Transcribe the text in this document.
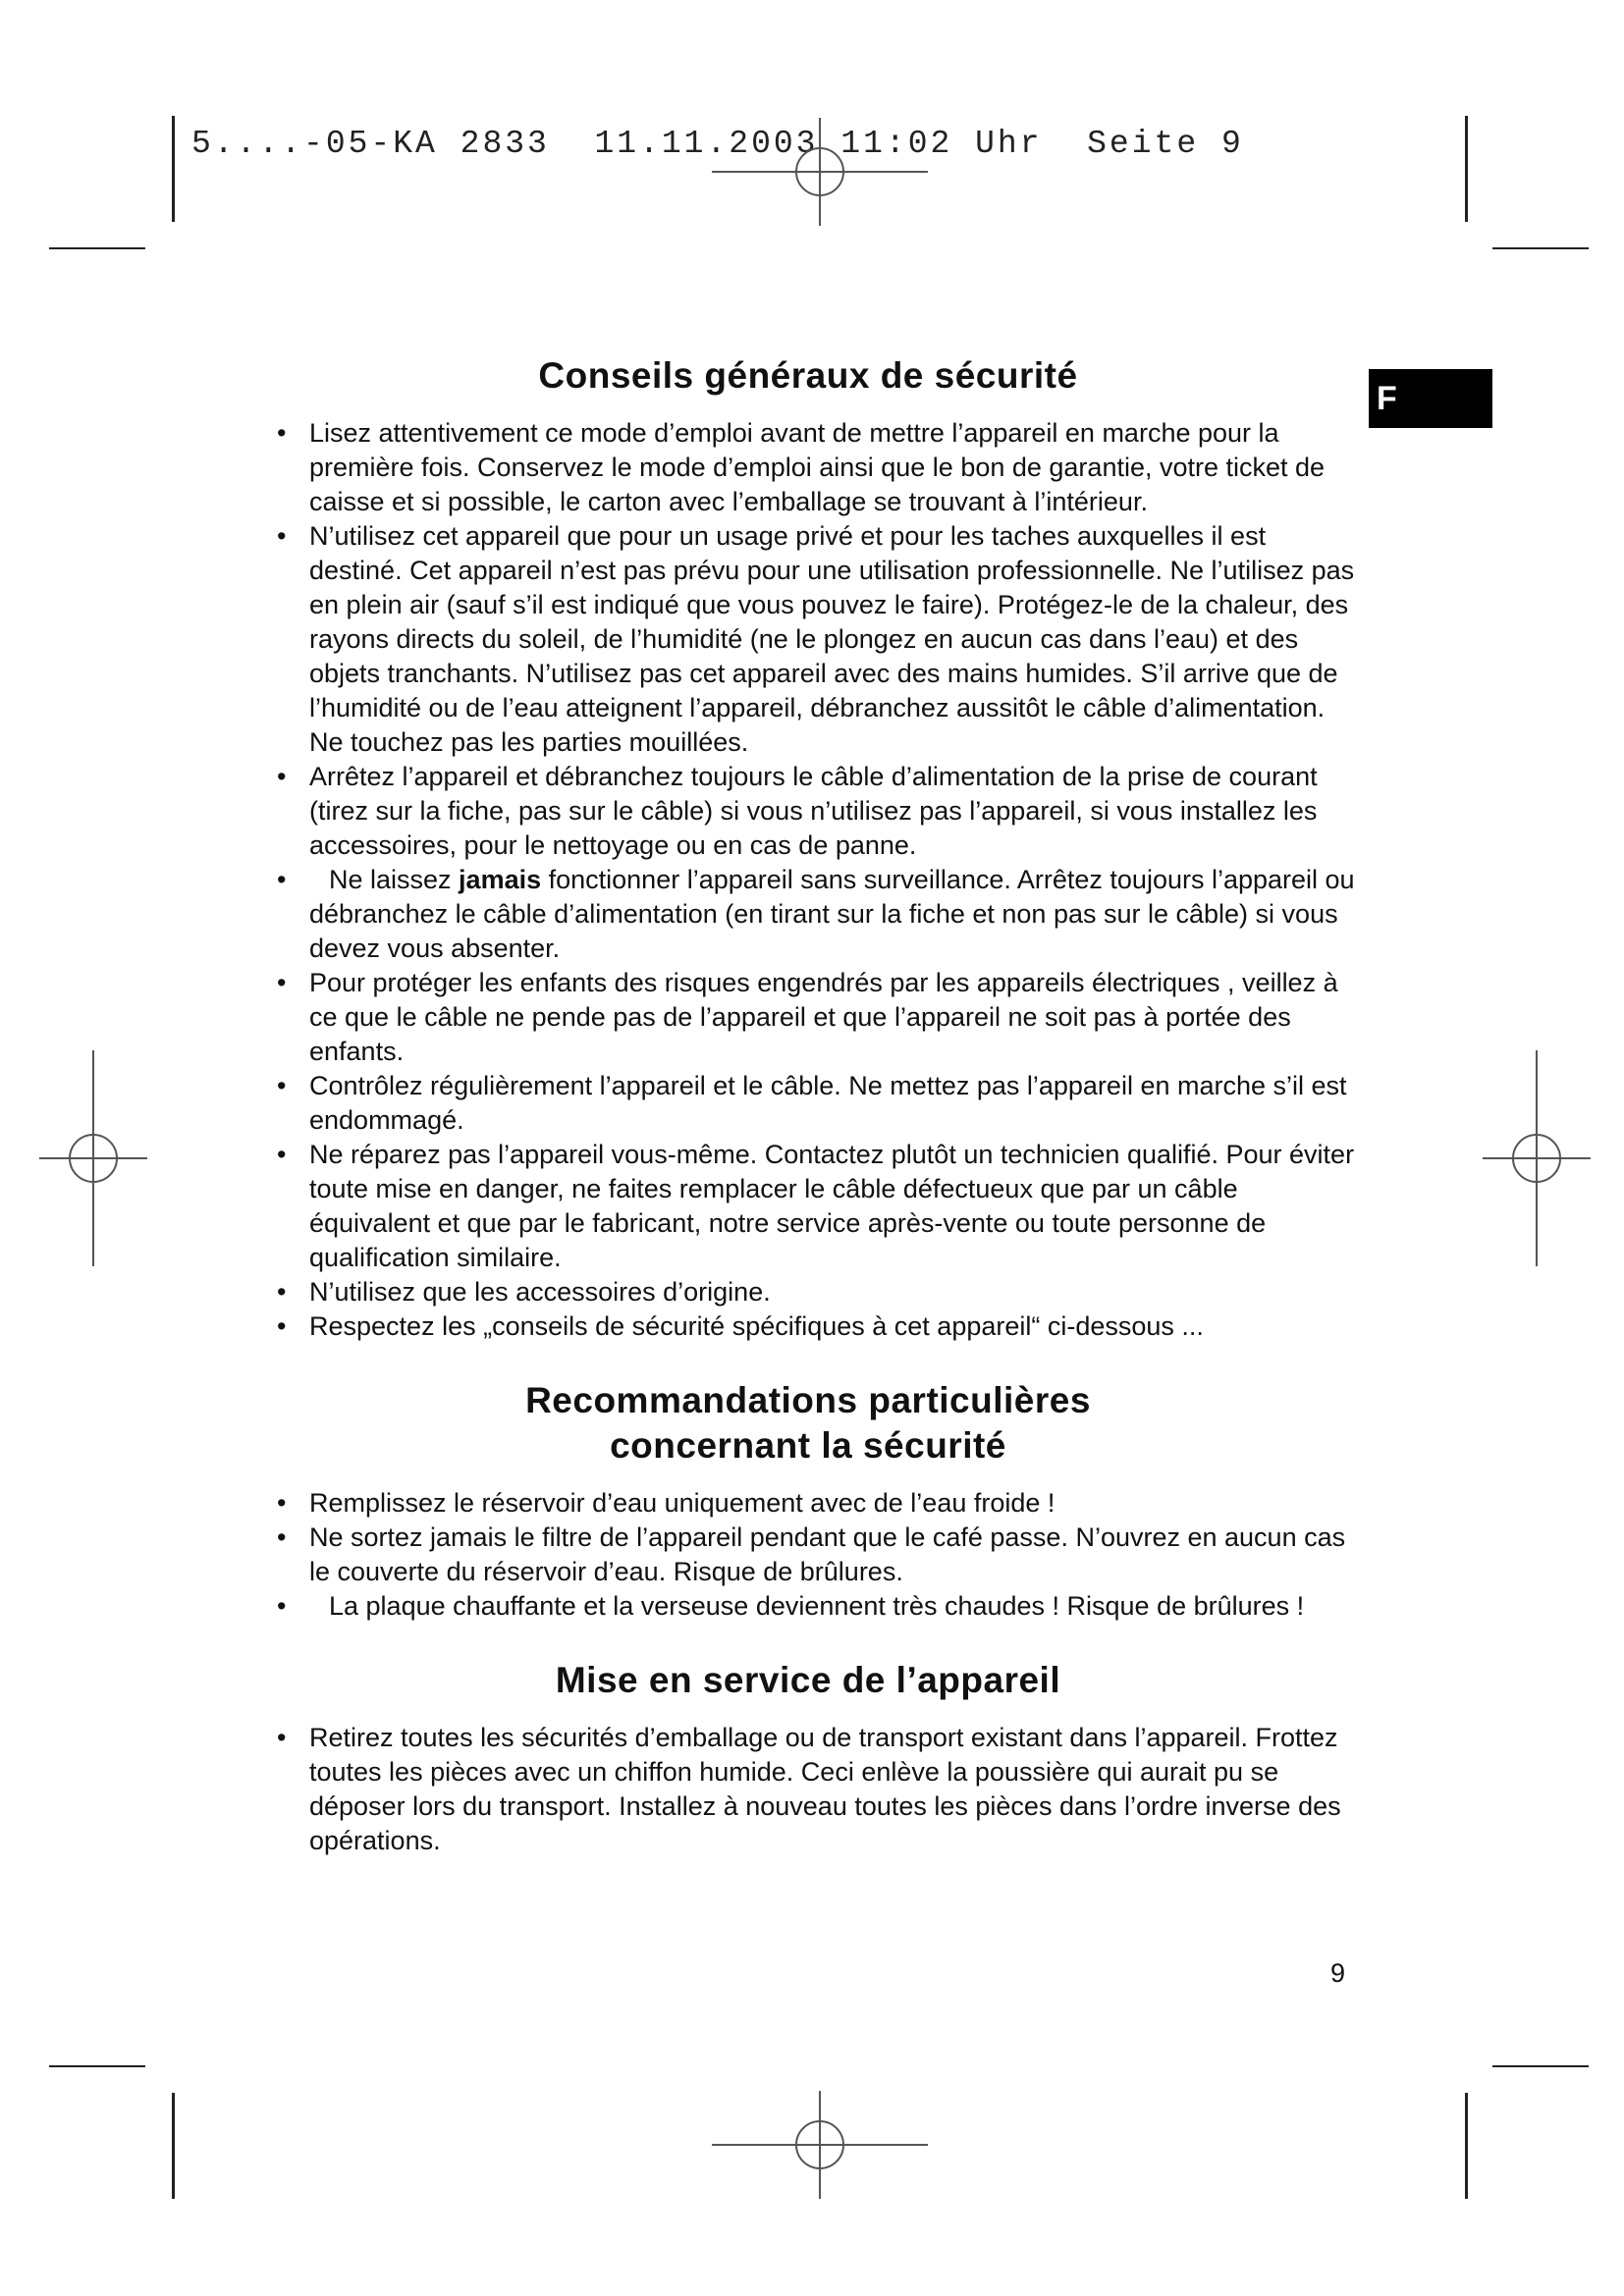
5....-05-KA 2833  11.11.2003 11:02 Uhr  Seite 9
F
Conseils généraux de sécurité
• Lisez attentivement ce mode d’emploi avant de mettre l’appareil en marche pour la première fois. Conservez le mode d’emploi ainsi que le bon de garantie, votre ticket de caisse et si possible, le carton avec l’emballage se trouvant à l’intérieur.
• N’utilisez cet appareil que pour un usage privé et pour les taches auxquelles il est destiné. Cet appareil n’est pas prévu pour une utilisation professionnelle. Ne l’utilisez pas en plein air (sauf s’il est indiqué que vous pouvez le faire). Protégez-le de la chaleur, des rayons directs du soleil, de l’humidité (ne le plongez en aucun cas dans l’eau) et des objets tranchants. N’utilisez pas cet appareil avec des mains humides. S’il arrive que de l’humidité ou de l’eau atteignent l’appareil, débranchez aussitôt le câble d’alimentation. Ne touchez pas les parties mouillées.
• Arrêtez l’appareil et débranchez toujours le câble d’alimentation de la prise de courant (tirez sur la fiche, pas sur le câble) si vous n’utilisez pas l’appareil, si vous installez les accessoires, pour le nettoyage ou en cas de panne.
• Ne laissez jamais fonctionner l’appareil sans surveillance. Arrêtez toujours l’appareil ou débranchez le câble d’alimentation (en tirant sur la fiche et non pas sur le câble) si vous devez vous absenter.
• Pour protéger les enfants des risques engendrés par les appareils électriques , veillez à ce que le câble ne pende pas de l’appareil et que l’appareil ne soit pas à portée des enfants.
• Contrôlez régulièrement l’appareil et le câble. Ne mettez pas l’appareil en marche s’il est endommagé.
• Ne réparez pas l’appareil vous-même. Contactez plutôt un technicien qualifié. Pour éviter toute mise en danger, ne faites remplacer le câble défectueux que par un câble équivalent et que par le fabricant, notre service après-vente ou toute personne de qualification similaire.
• N’utilisez que les accessoires d’origine.
• Respectez les „conseils de sécurité spécifiques à cet appareil“ ci-dessous ...
Recommandations particulières
concernant la sécurité
• Remplissez le réservoir d’eau uniquement avec de l’eau froide !
• Ne sortez jamais le filtre de l’appareil pendant que le café passe. N’ouvrez en aucun cas le couverte du réservoir d’eau. Risque de brûlures.
• La plaque chauffante et la verseuse deviennent très chaudes ! Risque de brûlures !
Mise en service de l’appareil
• Retirez toutes les sécurités d’emballage ou de transport existant dans l’appareil. Frottez toutes les pièces avec un chiffon humide. Ceci enlève la poussière qui aurait pu se déposer lors du transport. Installez à nouveau toutes les pièces dans l’ordre inverse des opérations.
9
